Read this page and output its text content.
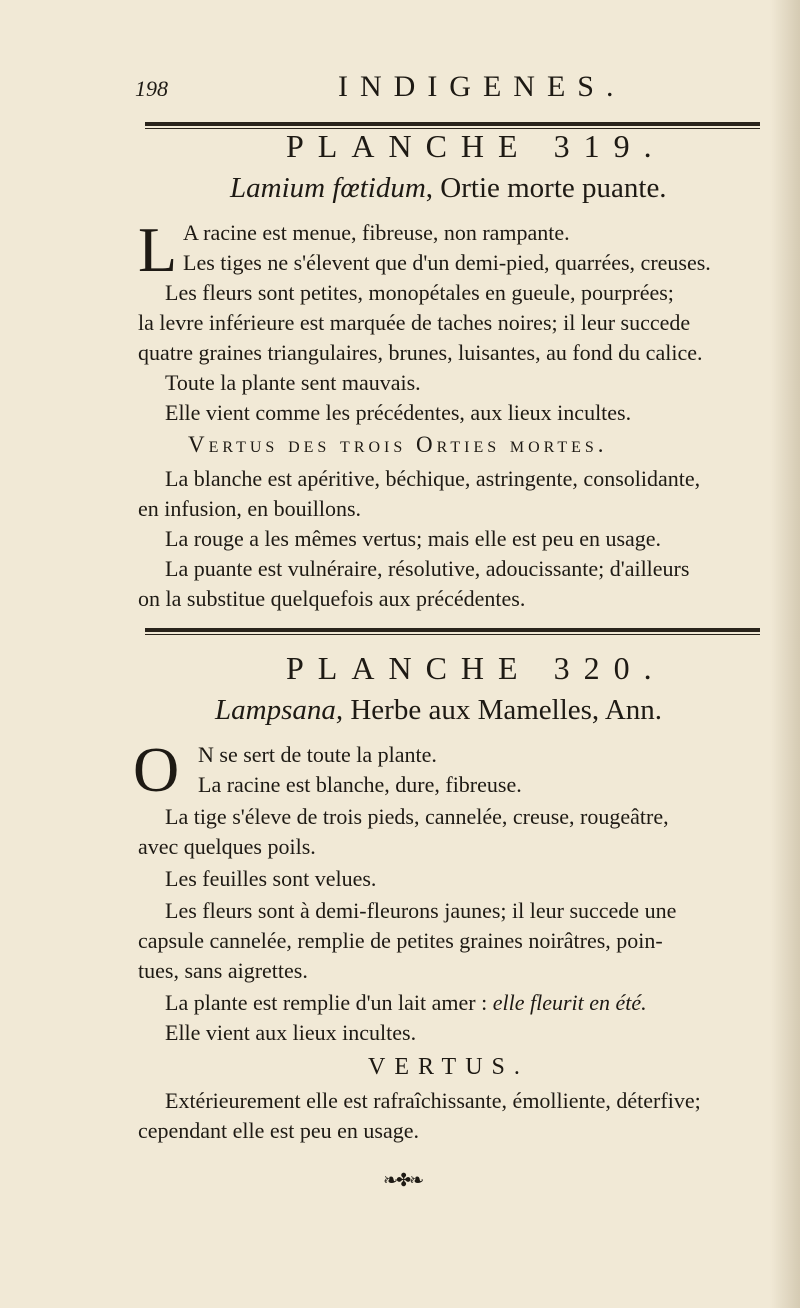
198	INDIGENES.
PLANCHE 319.
Lamium fœtidum, Ortie morte puante.
L A racine est menue, fibreuse, non rampante.
Les tiges ne s'élevent que d'un demi-pied, quarrées, creuses.
Les fleurs sont petites, monopétales en gueule, pourprées;
la levre inférieure est marquée de taches noires; il leur succede
quatre graines triangulaires, brunes, luisantes, au fond du calice.
Toute la plante sent mauvais.
Elle vient comme les précédentes, aux lieux incultes.
Vertus des trois Orties mortes.
La blanche est apéritive, béchique, astringente, consolidante,
en infusion, en bouillons.
La rouge a les mêmes vertus; mais elle est peu en usage.
La puante est vulnéraire, résolutive, adoucissante; d'ailleurs
on la substitue quelquefois aux précédentes.
PLANCHE 320.
Lampsana, Herbe aux Mamelles, Ann.
O N se sert de toute la plante.
La racine est blanche, dure, fibreuse.
La tige s'éleve de trois pieds, cannelée, creuse, rougeâtre,
avec quelques poils.
Les feuilles sont velues.
Les fleurs sont à demi-fleurons jaunes; il leur succede une
capsule cannelée, remplie de petites graines noirâtres, poin-
tues, sans aigrettes.
La plante est remplie d'un lait amer : elle fleurit en été.
Elle vient aux lieux incultes.
VERTUS.
Extérieurement elle est rafraîchissante, émolliente, déterfive;
cependant elle est peu en usage.
❧✤❧
